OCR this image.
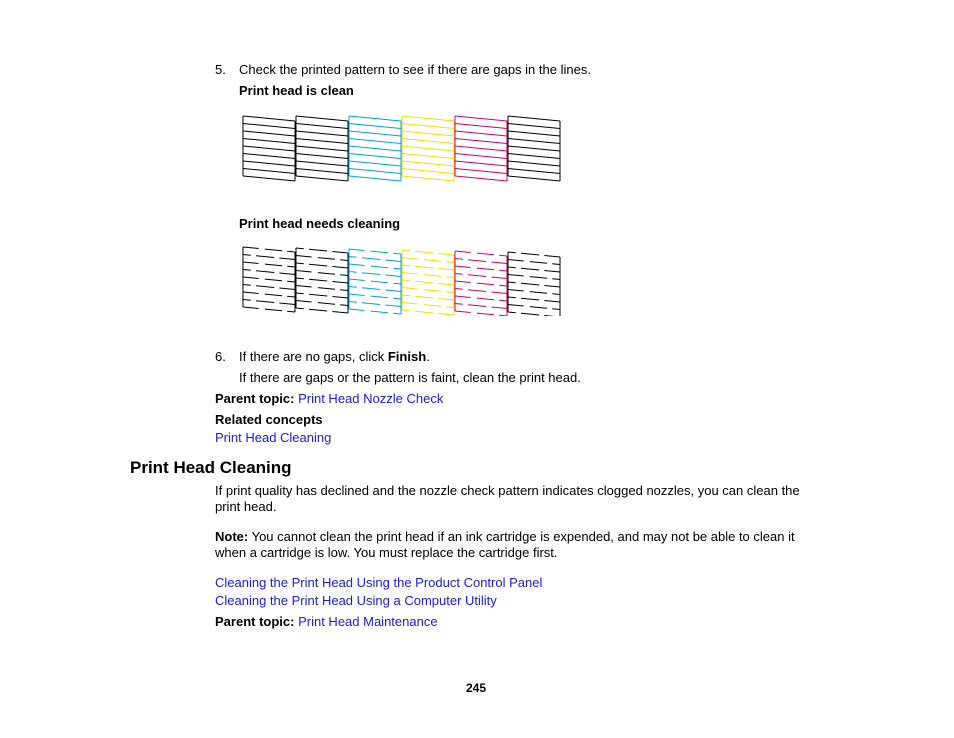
5. Check the printed pattern to see if there are gaps in the lines.
Print head is clean
Print head needs cleaning
6. If there are no gaps, click Finish.
If there are gaps or the pattern is faint, clean the print head.
Parent topic: Print Head Nozzle Check
Related concepts
Print Head Cleaning
Print Head Cleaning
If print quality has declined and the nozzle check pattern indicates clogged nozzles, you can clean the print head.
Note: You cannot clean the print head if an ink cartridge is expended, and may not be able to clean it when a cartridge is low. You must replace the cartridge first.
Cleaning the Print Head Using the Product Control Panel
Cleaning the Print Head Using a Computer Utility
Parent topic: Print Head Maintenance
245
